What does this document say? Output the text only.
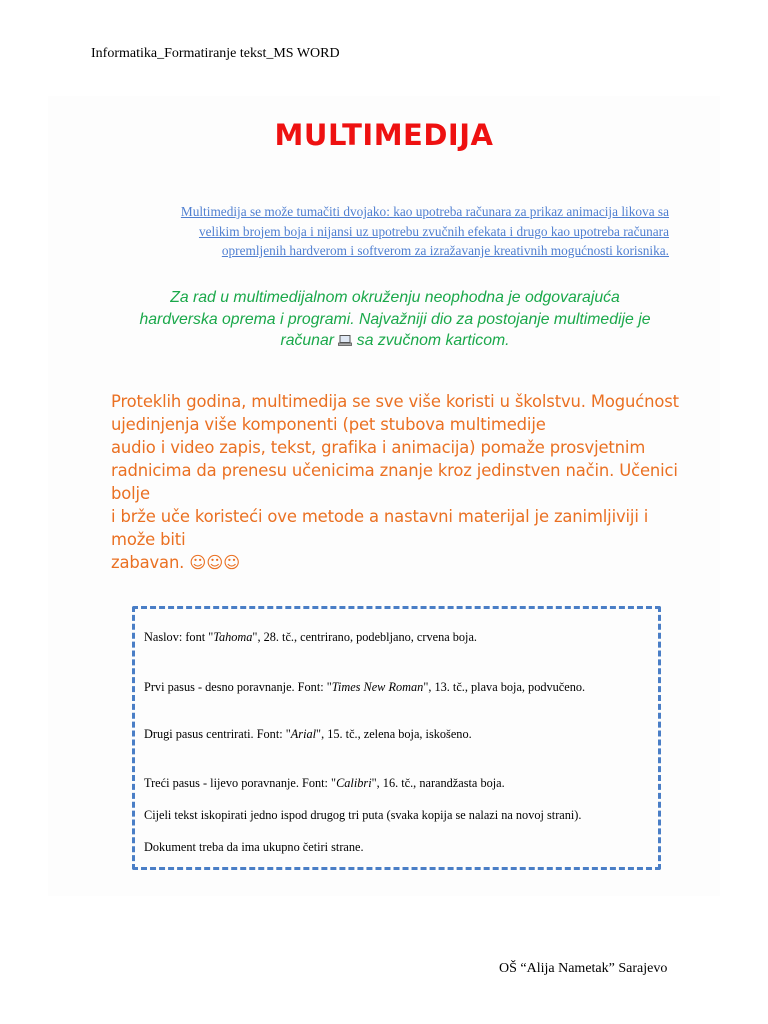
Informatika_Formatiranje tekst_MS WORD
MULTIMEDIJA
Multimedija se može tumačiti dvojako: kao upotreba računara za prikaz animacija likova sa
velikim brojem boja i nijansi uz upotrebu zvučnih efekata i drugo kao upotreba računara
opremljenih hardverom i softverom za izražavanje kreativnih mogućnosti korisnika.
Za rad u multimedijalnom okruženju neophodna je odgovarajuća
hardverska oprema i programi. Najvažniji dio za postojanje multimedije je
računar  sa zvučnom karticom.
Proteklih godina, multimedija se sve više koristi u školstvu. Mogućnost
ujedinjenja više komponenti (pet stubova multimedije
audio i video zapis, tekst, grafika i animacija) pomaže prosvjetnim
radnicima da prenesu učenicima znanje kroz jedinstven način. Učenici bolje
i brže uče koristeći ove metode a nastavni materijal je zanimljiviji i može biti
zabavan. ☺☺☺
Naslov: font "Tahoma", 28. tč., centrirano, podebljano, crvena boja.
Prvi pasus - desno poravnanje. Font: "Times New Roman", 13. tč., plava boja, podvučeno.
Drugi pasus centrirati. Font: "Arial", 15. tč., zelena boja, iskošeno.
Treći pasus - lijevo poravnanje. Font: "Calibri", 16. tč., narandžasta boja.
Cijeli tekst iskopirati jedno ispod drugog tri puta (svaka kopija se nalazi na novoj strani).
Dokument treba da ima ukupno četiri strane.
OŠ “Alija Nametak” Sarajevo
